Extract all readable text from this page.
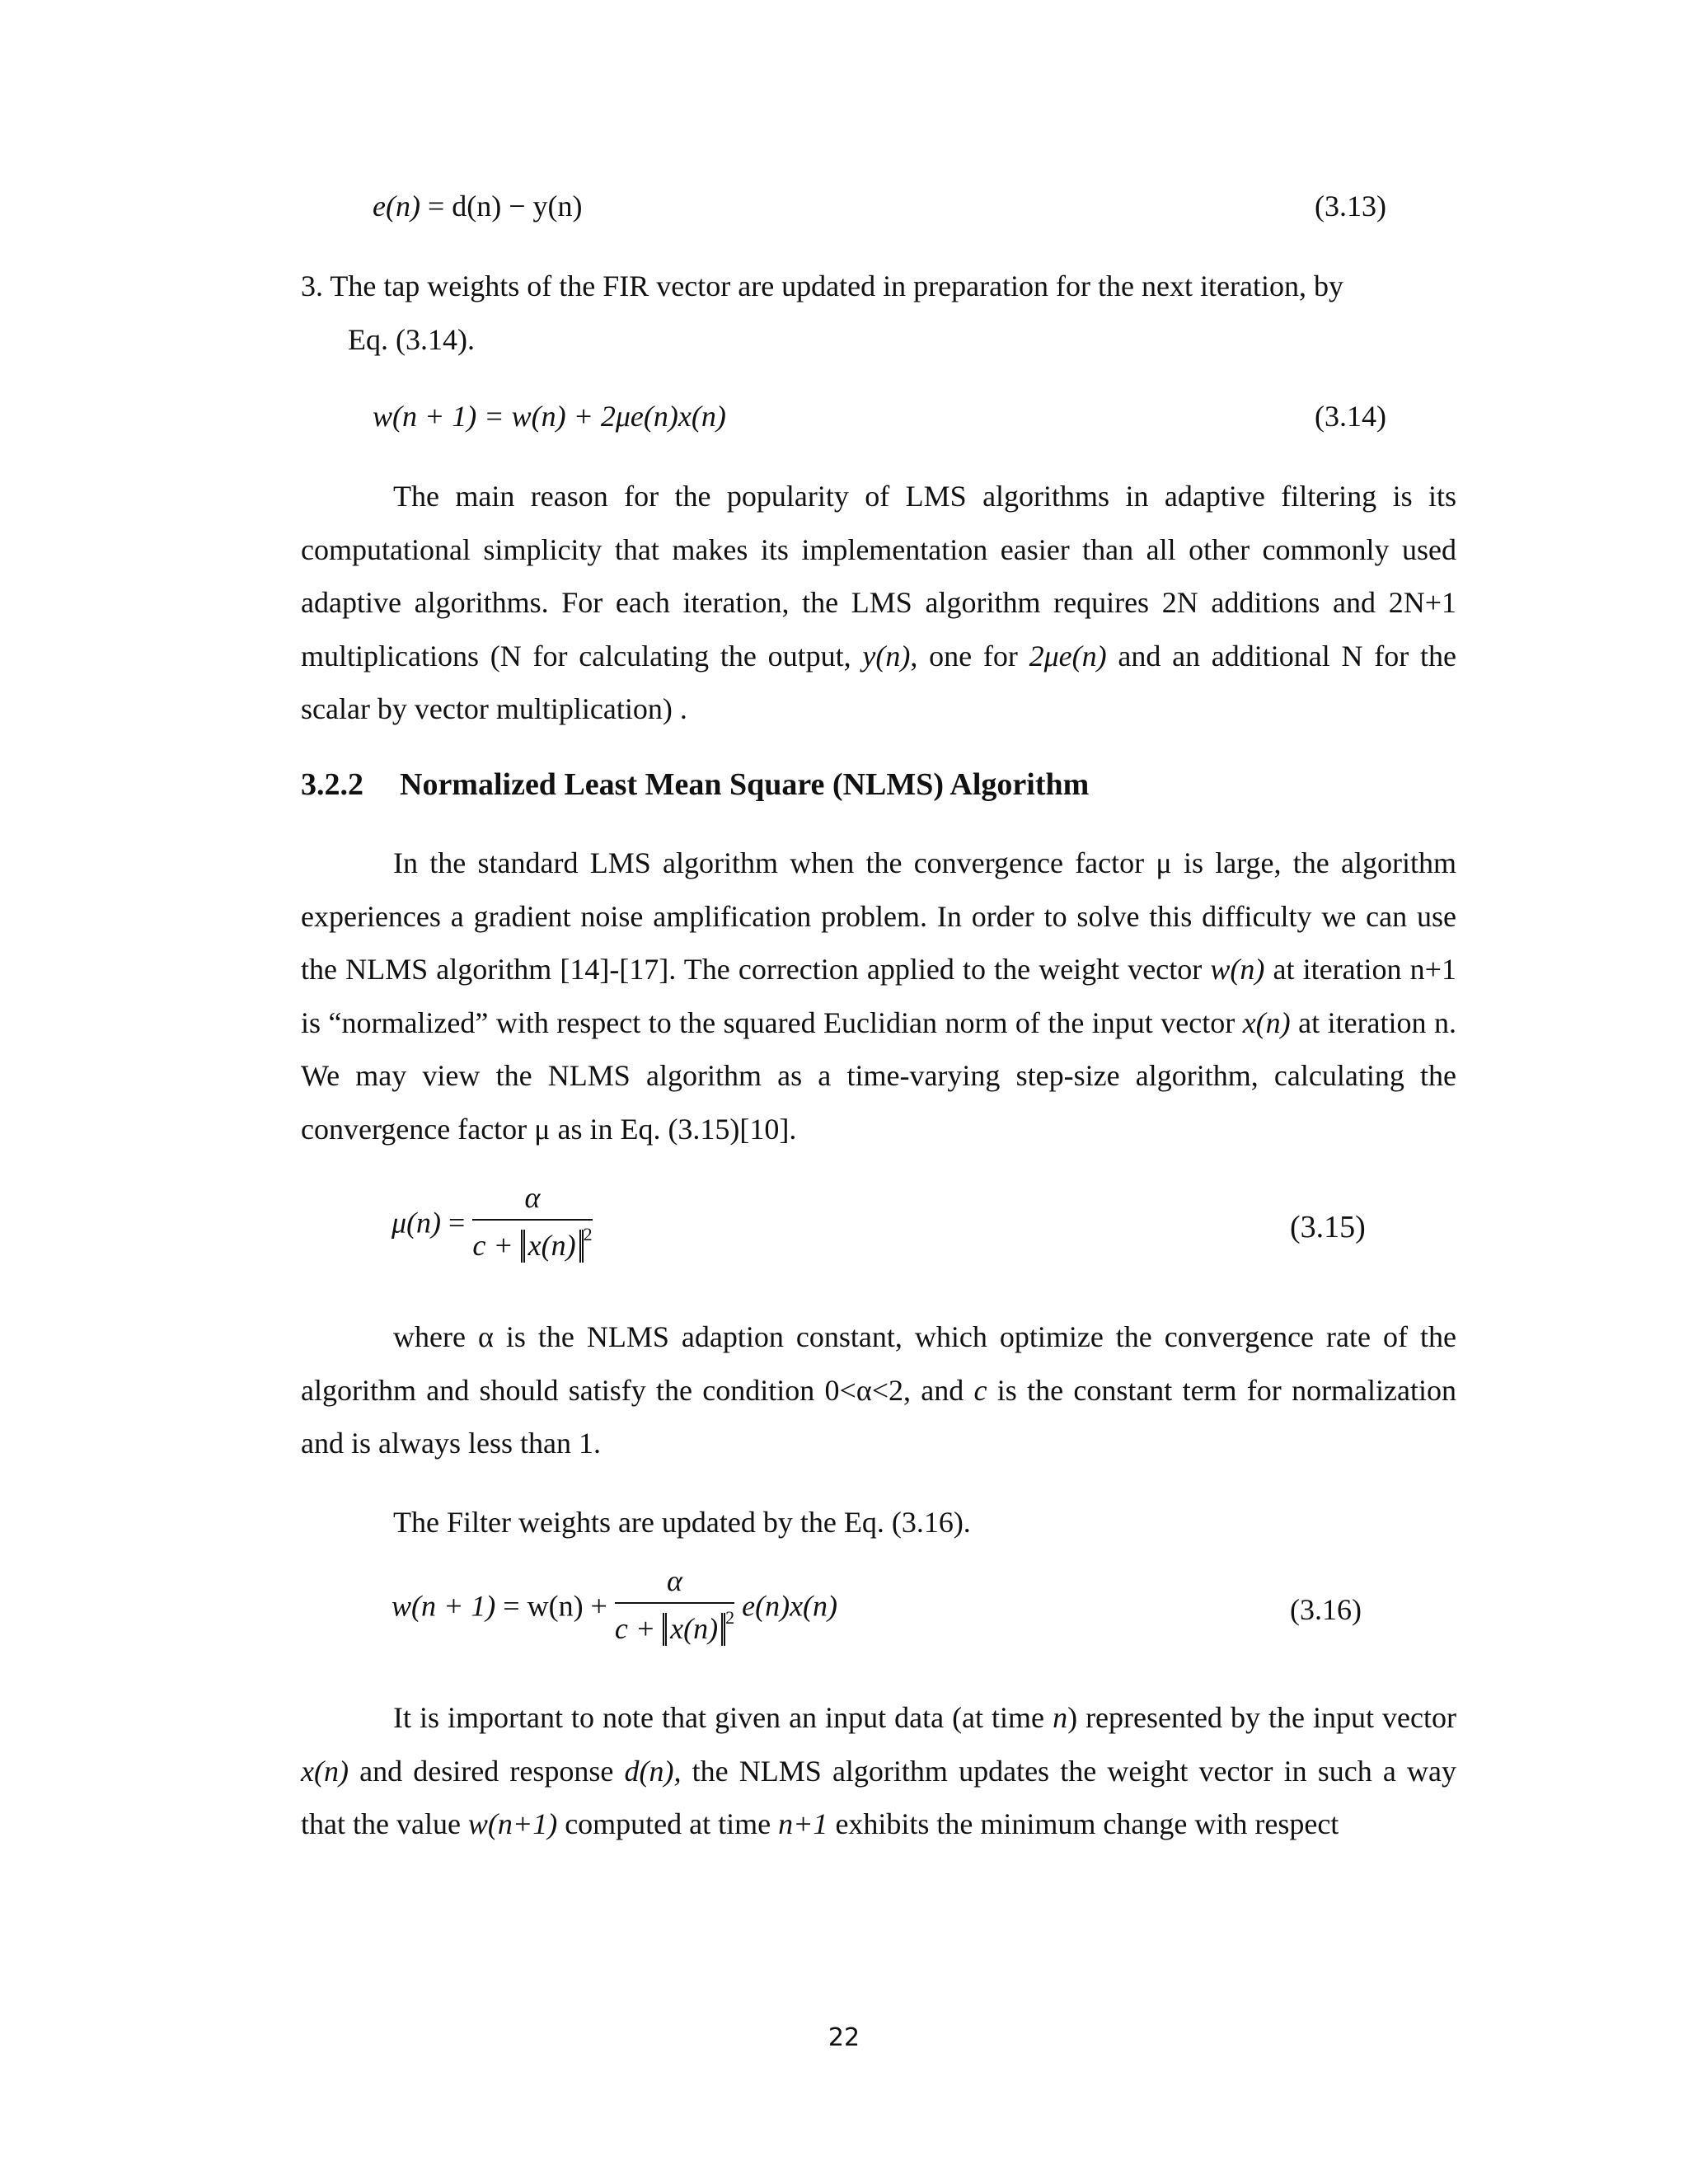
e(n) = d(n) − y(n)	(3.13)

3. The tap weights of the FIR vector are updated in preparation for the next iteration, by

Eq. (3.14).

w(n + 1) = w(n) + 2μe(n)x(n)	(3.14)

The main reason for the popularity of LMS algorithms in adaptive filtering is its computational simplicity that makes its implementation easier than all other commonly used adaptive algorithms. For each iteration, the LMS algorithm requires 2N additions and 2N+1 multiplications (N for calculating the output, y(n), one for 2μe(n) and an additional N for the scalar by vector multiplication) .

3.2.2 Normalized Least Mean Square (NLMS) Algorithm

In the standard LMS algorithm when the convergence factor μ is large, the algorithm experiences a gradient noise amplification problem. In order to solve this difficulty we can use the NLMS algorithm [14]-[17]. The correction applied to the weight vector w(n) at iteration n+1 is “normalized” with respect to the squared Euclidian norm of the input vector x(n) at iteration n. We may view the NLMS algorithm as a time-varying step-size algorithm, calculating the convergence factor μ as in Eq. (3.15)[10].

$\mu(n) = \frac{\alpha}{c + x(n) ^2}$	(3.15)

where α is the NLMS adaption constant, which optimize the convergence rate of the algorithm and should satisfy the condition 0<α<2, and c is the constant term for normalization and is always less than 1.

The Filter weights are updated by the Eq. (3.16).

$w(n + 1) = w(n) + \frac{\alpha}{c + x(n) ^2} e(n)x(n)$	(3.16)

It is important to note that given an input data (at time n) represented by the input vector x(n) and desired response d(n), the NLMS algorithm updates the weight vector in such a way that the value w(n+1) computed at time n+1 exhibits the minimum change with respect

22
